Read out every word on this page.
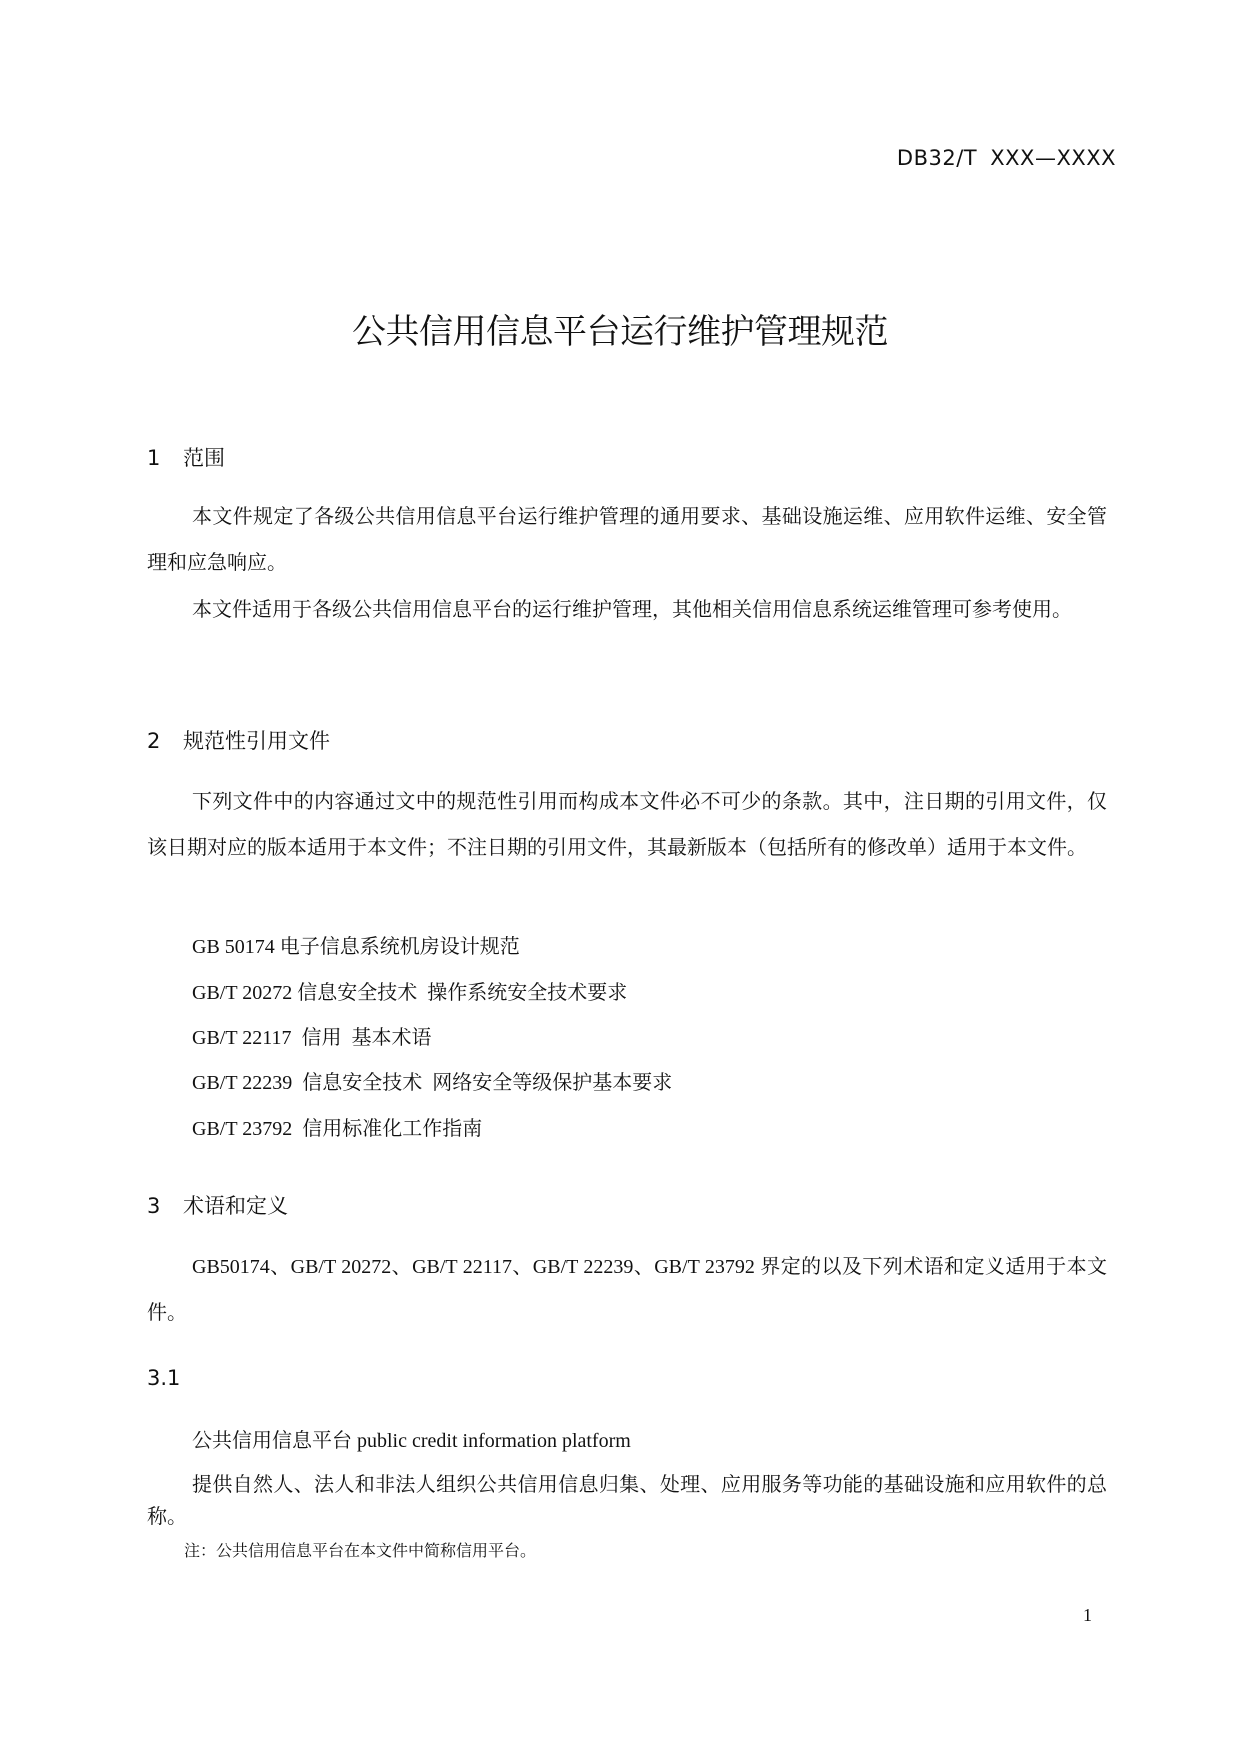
DB32/T XXX—XXXX
公共信用信息平台运行维护管理规范
1 范围
本文件规定了各级公共信用信息平台运行维护管理的通用要求、基础设施运维、应用软件运维、安全管理和应急响应。
本文件适用于各级公共信用信息平台的运行维护管理，其他相关信用信息系统运维管理可参考使用。
2 规范性引用文件
下列文件中的内容通过文中的规范性引用而构成本文件必不可少的条款。其中，注日期的引用文件，仅该日期对应的版本适用于本文件；不注日期的引用文件，其最新版本（包括所有的修改单）适用于本文件。
GB 50174 电子信息系统机房设计规范
GB/T 20272 信息安全技术  操作系统安全技术要求
GB/T 22117  信用  基本术语
GB/T 22239  信息安全技术  网络安全等级保护基本要求
GB/T 23792  信用标准化工作指南
3 术语和定义
GB50174、GB/T 20272、GB/T 22117、GB/T 22239、GB/T 23792 界定的以及下列术语和定义适用于本文件。
3.1
公共信用信息平台 public credit information platform
提供自然人、法人和非法人组织公共信用信息归集、处理、应用服务等功能的基础设施和应用软件的总称。
注：公共信用信息平台在本文件中简称信用平台。
1
